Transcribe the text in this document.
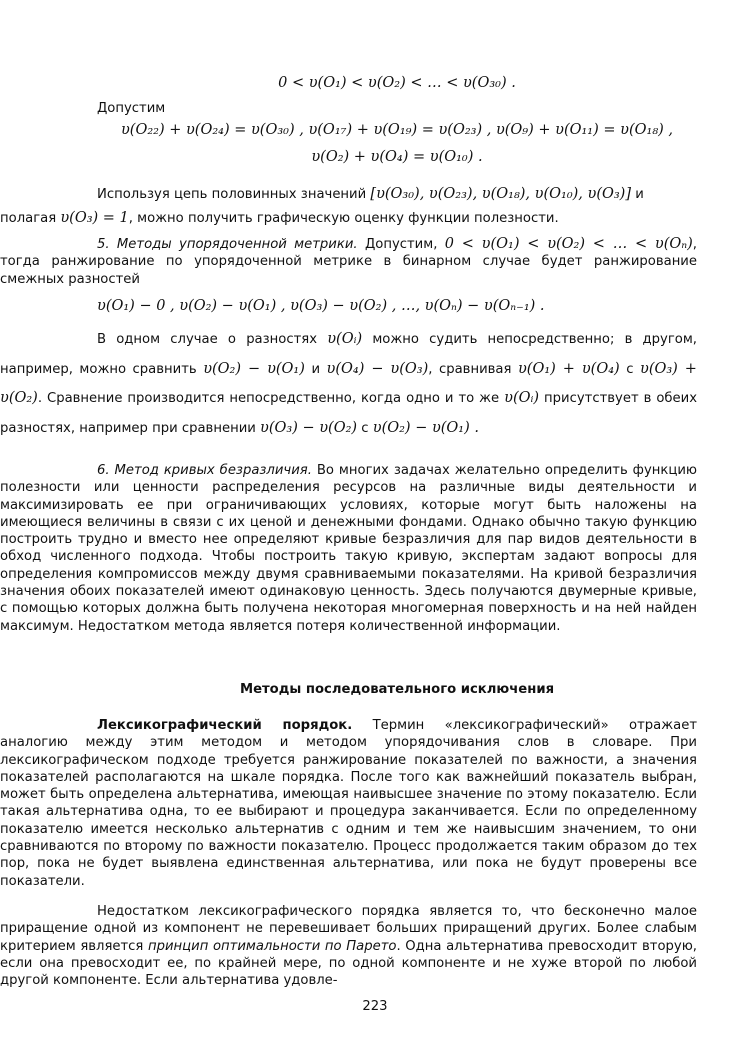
0 < υ(O₁) < υ(O₂) < … < υ(O₃₀) .

Допустим

υ(O₂₂) + υ(O₂₄) = υ(O₃₀) , υ(O₁₇) + υ(O₁₉) = υ(O₂₃) , υ(O₉) + υ(O₁₁) = υ(O₁₈) ,

υ(O₂) + υ(O₄) = υ(O₁₀) .

Используя цепь половинных значений [υ(O₃₀), υ(O₂₃), υ(O₁₈), υ(O₁₀), υ(O₃)] и

полагая υ(O₃) = 1, можно получить графическую оценку функции полезности.

5. Методы упорядоченной метрики. Допустим, 0 < υ(O₁) < υ(O₂) < … < υ(Oₙ), тогда ранжирование по упорядоченной метрике в бинарном случае будет ранжирование смежных разностей

υ(O₁) − 0 , υ(O₂) − υ(O₁) , υ(O₃) − υ(O₂) , …, υ(Oₙ) − υ(Oₙ₋₁) .

В одном случае о разностях υ(Oᵢ) можно судить непосредственно; в другом, например, можно сравнить υ(O₂) − υ(O₁) и υ(O₄) − υ(O₃), сравнивая υ(O₁) + υ(O₄) с υ(O₃) + υ(O₂). Сравнение производится непосредственно, когда одно и то же υ(Oᵢ) присутствует в обеих разностях, например при сравнении υ(O₃) − υ(O₂) с υ(O₂) − υ(O₁) .

6. Метод кривых безразличия. Во многих задачах желательно определить функцию полезности или ценности распределения ресурсов на различные виды деятельности и максимизировать ее при ограничивающих условиях, которые могут быть наложены на имеющиеся величины в связи с их ценой и денежными фондами. Однако обычно такую функцию построить трудно и вместо нее определяют кривые безразличия для пар видов деятельности в обход численного подхода. Чтобы построить такую кривую, экспертам задают вопросы для определения компромиссов между двумя сравниваемыми показателями. На кривой безразличия значения обоих показателей имеют одинаковую ценность. Здесь получаются двумерные кривые, с помощью которых должна быть получена некоторая многомерная поверхность и на ней найден максимум. Недостатком метода является потеря количественной информации.

Методы последовательного исключения

Лексикографический порядок. Термин «лексикографический» отражает аналогию между этим методом и методом упорядочивания слов в словаре. При лексикографическом подходе требуется ранжирование показателей по важности, а значения показателей располагаются на шкале порядка. После того как важнейший показатель выбран, может быть определена альтернатива, имеющая наивысшее значение по этому показателю. Если такая альтернатива одна, то ее выбирают и процедура заканчивается. Если по определенному показателю имеется несколько альтернатив с одним и тем же наивысшим значением, то они сравниваются по второму по важности показателю. Процесс продолжается таким образом до тех пор, пока не будет выявлена единственная альтернатива, или пока не будут проверены все показатели.

Недостатком лексикографического порядка является то, что бесконечно малое приращение одной из компонент не перевешивает больших приращений других. Более слабым критерием является принцип оптимальности по Парето. Одна альтернатива превосходит вторую, если она превосходит ее, по крайней мере, по одной компоненте и не хуже второй по любой другой компоненте. Если альтернатива удовле-

223
